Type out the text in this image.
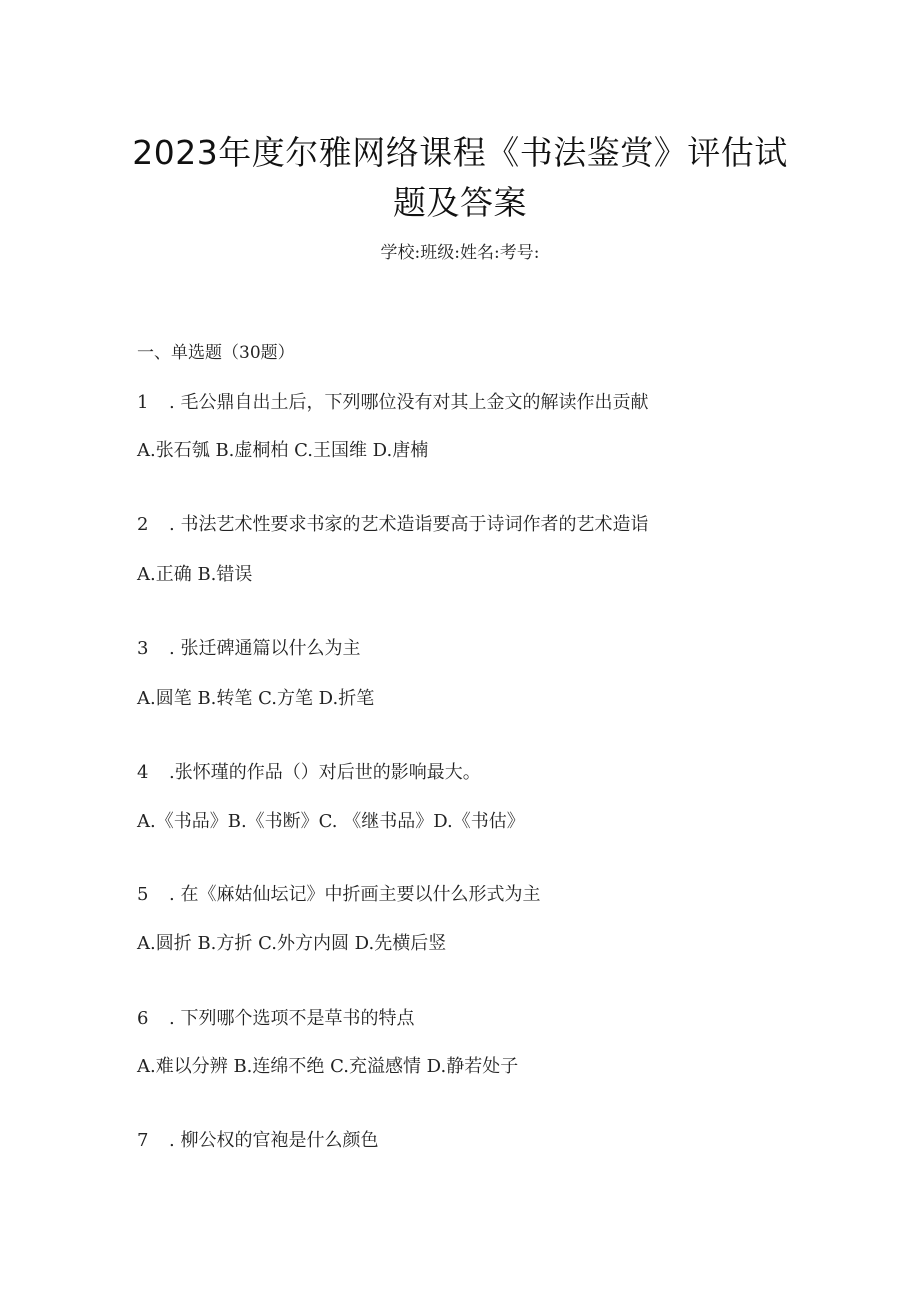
2023年度尔雅网络课程《书法鉴赏》评估试
题及答案
学校:班级:姓名:考号:
一、单选题（30题）
1 . 毛公鼎自出土后，下列哪位没有对其上金文的解读作出贡献
A.张石瓠 B.虚桐柏 C.王国维 D.唐楠
2 . 书法艺术性要求书家的艺术造诣要高于诗词作者的艺术造诣
A.正确 B.错误
3 . 张迁碑通篇以什么为主
A.圆笔 B.转笔 C.方笔 D.折笔
4 .张怀瑾的作品（）对后世的影响最大。
A.《书品》B.《书断》C. 《继书品》D.《书估》
5 . 在《麻姑仙坛记》中折画主要以什么形式为主
A.圆折 B.方折 C.外方内圆 D.先横后竖
6 . 下列哪个选项不是草书的特点
A.难以分辨 B.连绵不绝 C.充溢感情 D.静若处子
7 . 柳公权的官袍是什么颜色
